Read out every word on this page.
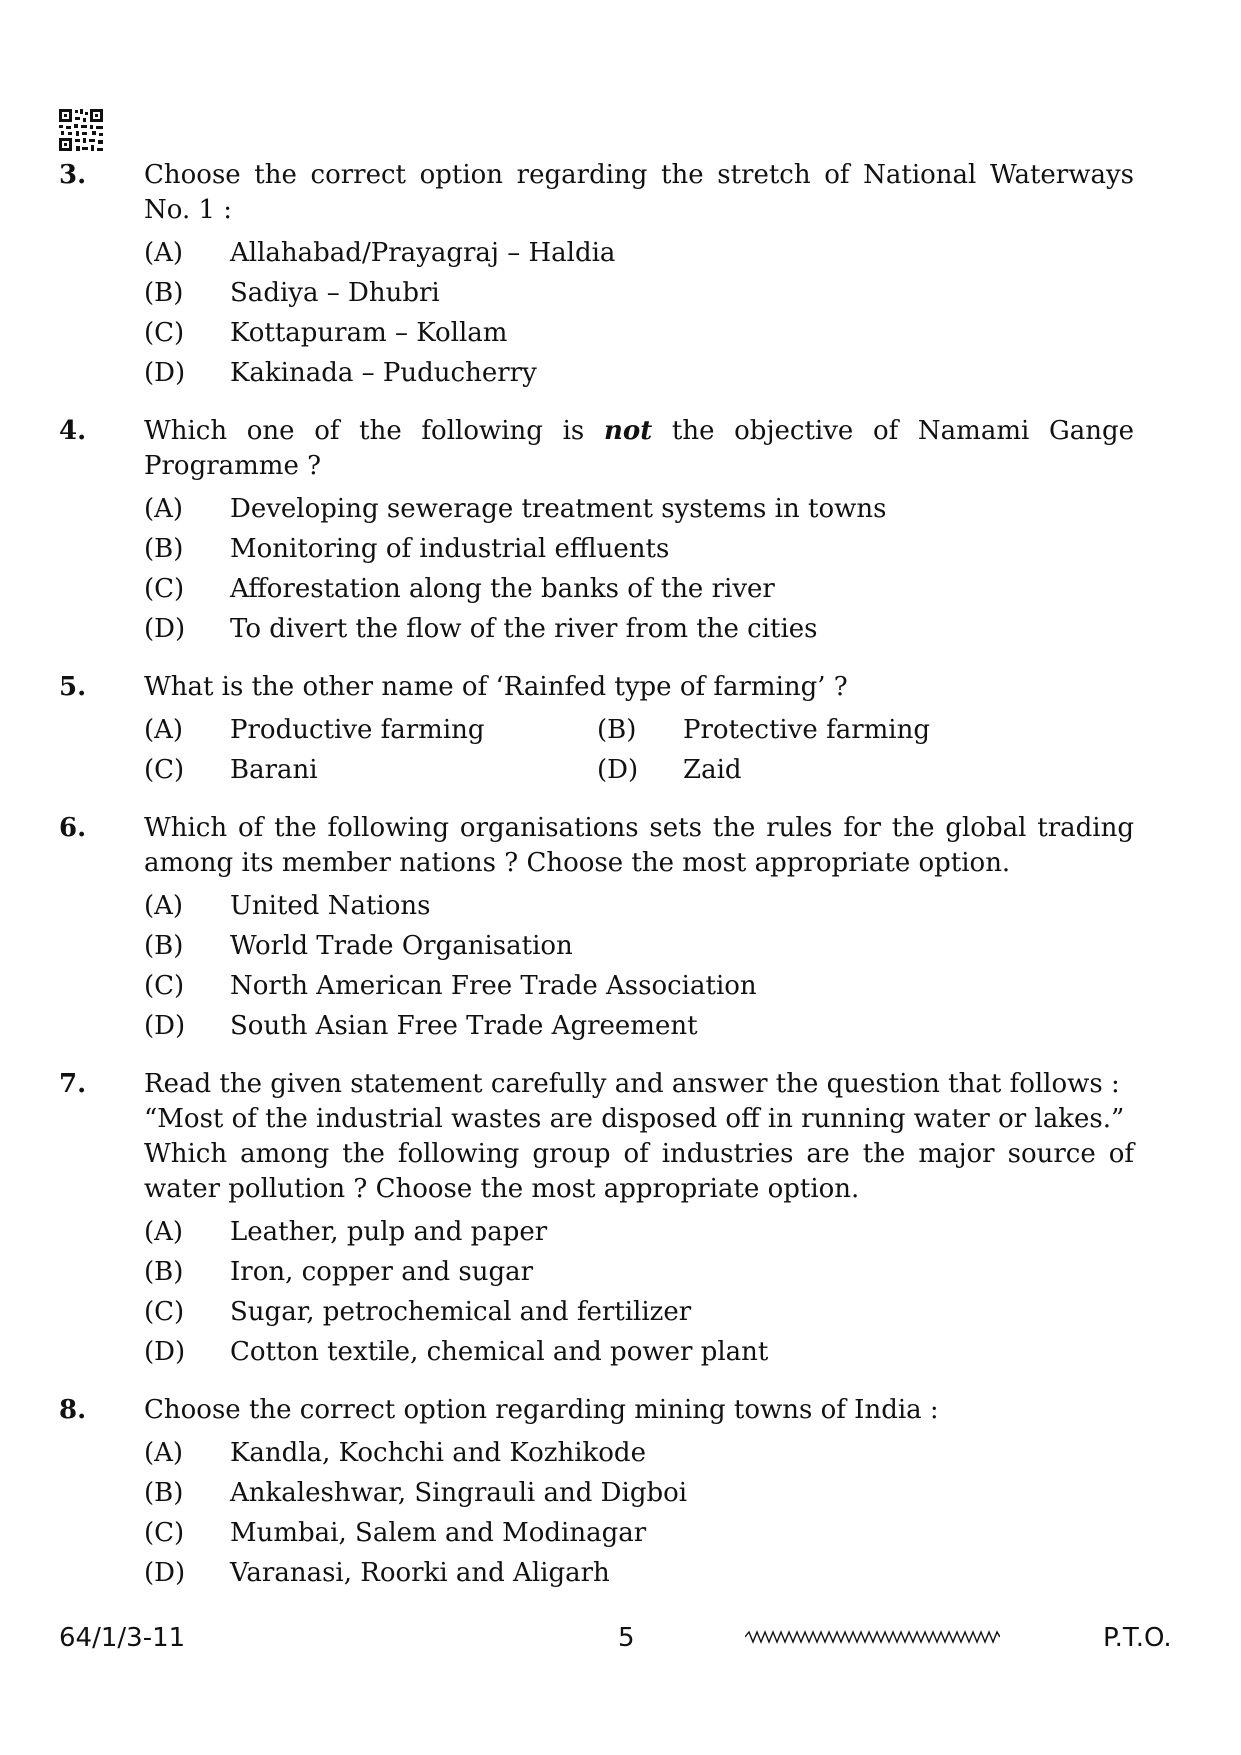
3. Choose the correct option regarding the stretch of National Waterways
No. 1 :
(A)	Allahabad/Prayagraj – Haldia
(B)	Sadiya – Dhubri
(C)	Kottapuram – Kollam
(D)	Kakinada – Puducherry
4. Which one of the following is not the objective of Namami Gange
Programme ?
(A)	Developing sewerage treatment systems in towns
(B)	Monitoring of industrial effluents
(C)	Afforestation along the banks of the river
(D)	To divert the flow of the river from the cities
5. What is the other name of ‘Rainfed type of farming’ ?
(A)	Productive farming	(B)	Protective farming
(C)	Barani	(D)	Zaid
6. Which of the following organisations sets the rules for the global trading
among its member nations ? Choose the most appropriate option.
(A)	United Nations
(B)	World Trade Organisation
(C)	North American Free Trade Association
(D)	South Asian Free Trade Agreement
7. Read the given statement carefully and answer the question that follows :
“Most of the industrial wastes are disposed off in running water or lakes.”
Which among the following group of industries are the major source of
water pollution ? Choose the most appropriate option.
(A)	Leather, pulp and paper
(B)	Iron, copper and sugar
(C)	Sugar, petrochemical and fertilizer
(D)	Cotton textile, chemical and power plant
8. Choose the correct option regarding mining towns of India :
(A)	Kandla, Kochchi and Kozhikode
(B)	Ankaleshwar, Singrauli and Digboi
(C)	Mumbai, Salem and Modinagar
(D)	Varanasi, Roorki and Aligarh
64/1/3-11	5	P.T.O.
